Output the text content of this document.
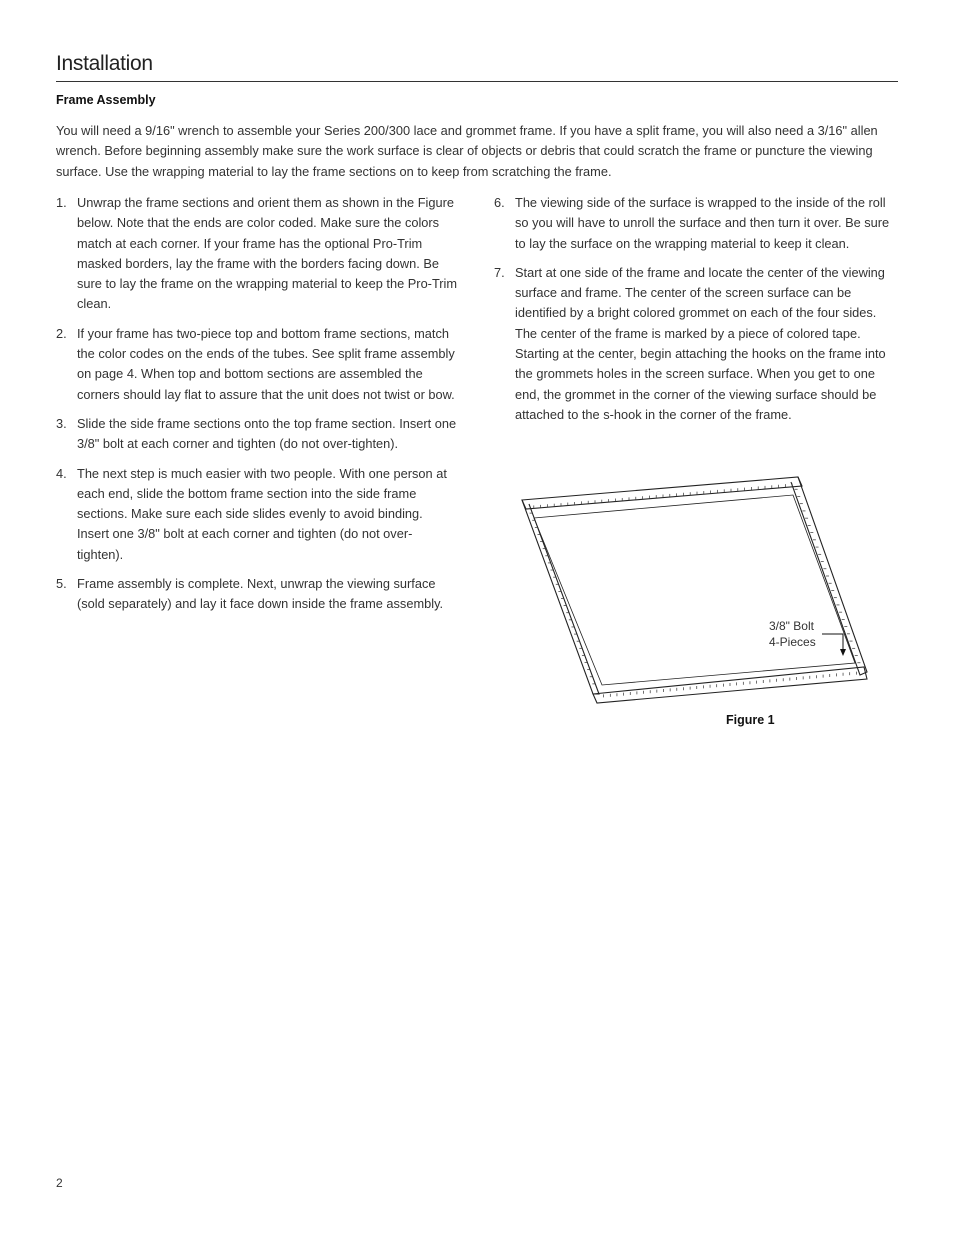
Installation
Frame Assembly

You will need a 9/16" wrench to assemble your Series 200/300 lace and grommet frame. If you have a split frame, you will also need a 3/16" allen wrench. Before beginning assembly make sure the work surface is clear of objects or debris that could scratch the frame or puncture the viewing surface. Use the wrapping material to lay the frame sections on to keep from scratching the frame.

1. Unwrap the frame sections and orient them as shown in the Figure below. Note that the ends are color coded. Make sure the colors match at each corner. If your frame has the optional Pro-Trim masked borders, lay the frame with the borders facing down. Be sure to lay the frame on the wrapping material to keep the Pro-Trim clean.
2. If your frame has two-piece top and bottom frame sections, match the color codes on the ends of the tubes. See split frame assembly on page 4. When top and bottom sections are assembled the corners should lay flat to assure that the unit does not twist or bow.
3. Slide the side frame sections onto the top frame section. Insert one 3/8" bolt at each corner and tighten (do not over-tighten).
4. The next step is much easier with two people. With one person at each end, slide the bottom frame section into the side frame sections. Make sure each side slides evenly to avoid binding. Insert one 3/8" bolt at each corner and tighten (do not over-tighten).
5. Frame assembly is complete. Next, unwrap the viewing surface (sold separately) and lay it face down inside the frame assembly.
6. The viewing side of the surface is wrapped to the inside of the roll so you will have to unroll the surface and then turn it over. Be sure to lay the surface on the wrapping material to keep it clean.
7. Start at one side of the frame and locate the center of the viewing surface and frame. The center of the screen surface can be identified by a bright colored grommet on each of the four sides. The center of the frame is marked by a piece of colored tape. Starting at the center, begin attaching the hooks on the frame into the grommets holes in the screen surface. When you get to one end, the grommet in the corner of the viewing surface should be attached to the s-hook in the corner of the frame.
3/8" Bolt
4-Pieces
Figure 1
2
